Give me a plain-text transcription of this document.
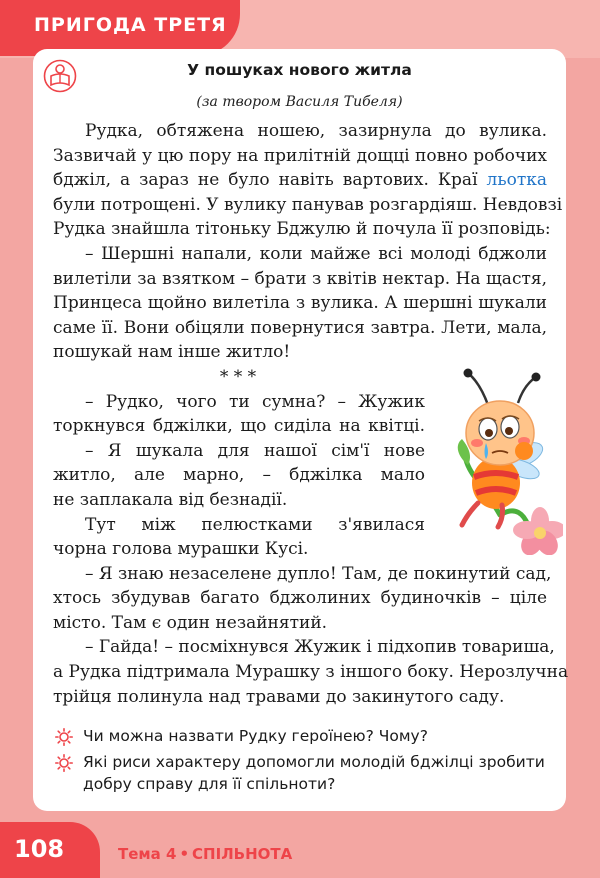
ПРИГОДА ТРЕТЯ
У пошуках нового житла
(за твором Василя Тибеля)
Рудка, обтяжена ношею, зазирнула до вулика.
Зазвичай у цю пору на прилітній дощці повно робочих
бджіл, а зараз не було навіть вартових. Краї льотка
були потрощені. У вулику панував розгардіяш. Невдовзі
Рудка знайшла тітоньку Бджулю й почула її розповідь:
– Шершні напали, коли майже всі молоді бджоли
вилетіли за взятком – брати з квітів нектар. На щастя,
Принцеса щойно вилетіла з вулика. А шершні шукали
саме її. Вони обіцяли повернутися завтра. Лети, мала,
пошукай нам інше житло!
* * *
– Рудко, чого ти сумна? – Жужик
торкнувся бджілки, що сиділа на квітці.
– Я шукала для нашої сім'ї нове
житло, але марно, – бджілка мало
не заплакала від безнадії.
Тут між пелюстками з'явилася
чорна голова мурашки Кусі.
– Я знаю незаселене дупло! Там, де покинутий сад,
хтось збудував багато бджолиних будиночків – ціле
місто. Там є один незайнятий.
– Гайда! – посміхнувся Жужик і підхопив товариша,
а Рудка підтримала Мурашку з іншого боку. Нерозлучна
трійця полинула над травами до закинутого саду.
Чи можна назвати Рудку героїнею? Чому?
Які риси характеру допомогли молодій бджілці зробити добру справу для її спільноти?
108	Тема 4 • СПІЛЬНОТА
